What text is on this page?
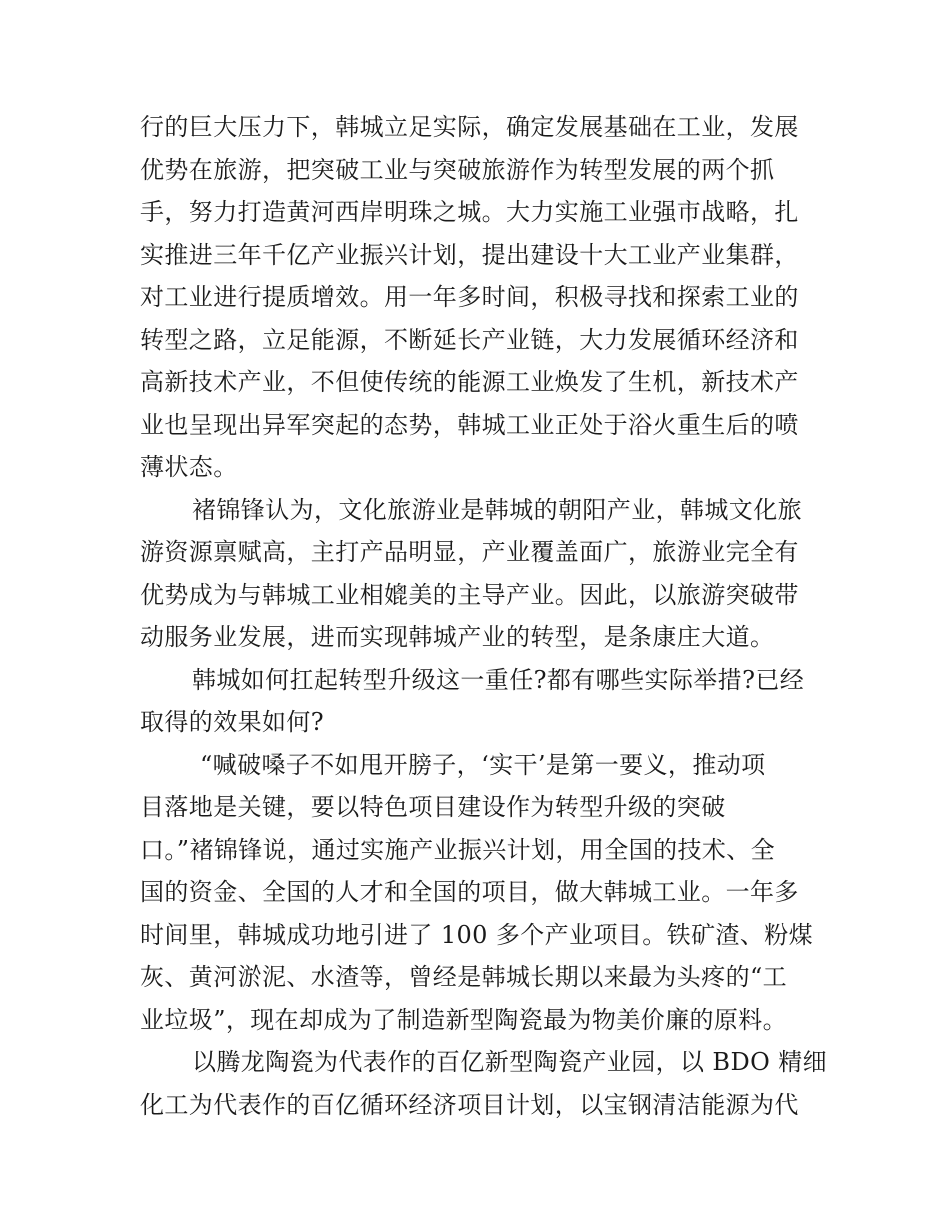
行的巨大压力下，韩城立足实际，确定发展基础在工业，发展
优势在旅游，把突破工业与突破旅游作为转型发展的两个抓
手，努力打造黄河西岸明珠之城。大力实施工业强市战略，扎
实推进三年千亿产业振兴计划，提出建设十大工业产业集群，
对工业进行提质增效。用一年多时间，积极寻找和探索工业的
转型之路，立足能源，不断延长产业链，大力发展循环经济和
高新技术产业，不但使传统的能源工业焕发了生机，新技术产
业也呈现出异军突起的态势，韩城工业正处于浴火重生后的喷
薄状态。
褚锦锋认为，文化旅游业是韩城的朝阳产业，韩城文化旅
游资源禀赋高，主打产品明显，产业覆盖面广，旅游业完全有
优势成为与韩城工业相媲美的主导产业。因此，以旅游突破带
动服务业发展，进而实现韩城产业的转型，是条康庄大道。
韩城如何扛起转型升级这一重任?都有哪些实际举措?已经
取得的效果如何?
“喊破嗓子不如甩开膀子，‘实干’是第一要义，推动项
目落地是关键，要以特色项目建设作为转型升级的突破
口。”褚锦锋说，通过实施产业振兴计划，用全国的技术、全
国的资金、全国的人才和全国的项目，做大韩城工业。一年多
时间里，韩城成功地引进了 100 多个产业项目。铁矿渣、粉煤
灰、黄河淤泥、水渣等，曾经是韩城长期以来最为头疼的“工
业垃圾”，现在却成为了制造新型陶瓷最为物美价廉的原料。
以腾龙陶瓷为代表作的百亿新型陶瓷产业园，以 BDO 精细
化工为代表作的百亿循环经济项目计划，以宝钢清洁能源为代
